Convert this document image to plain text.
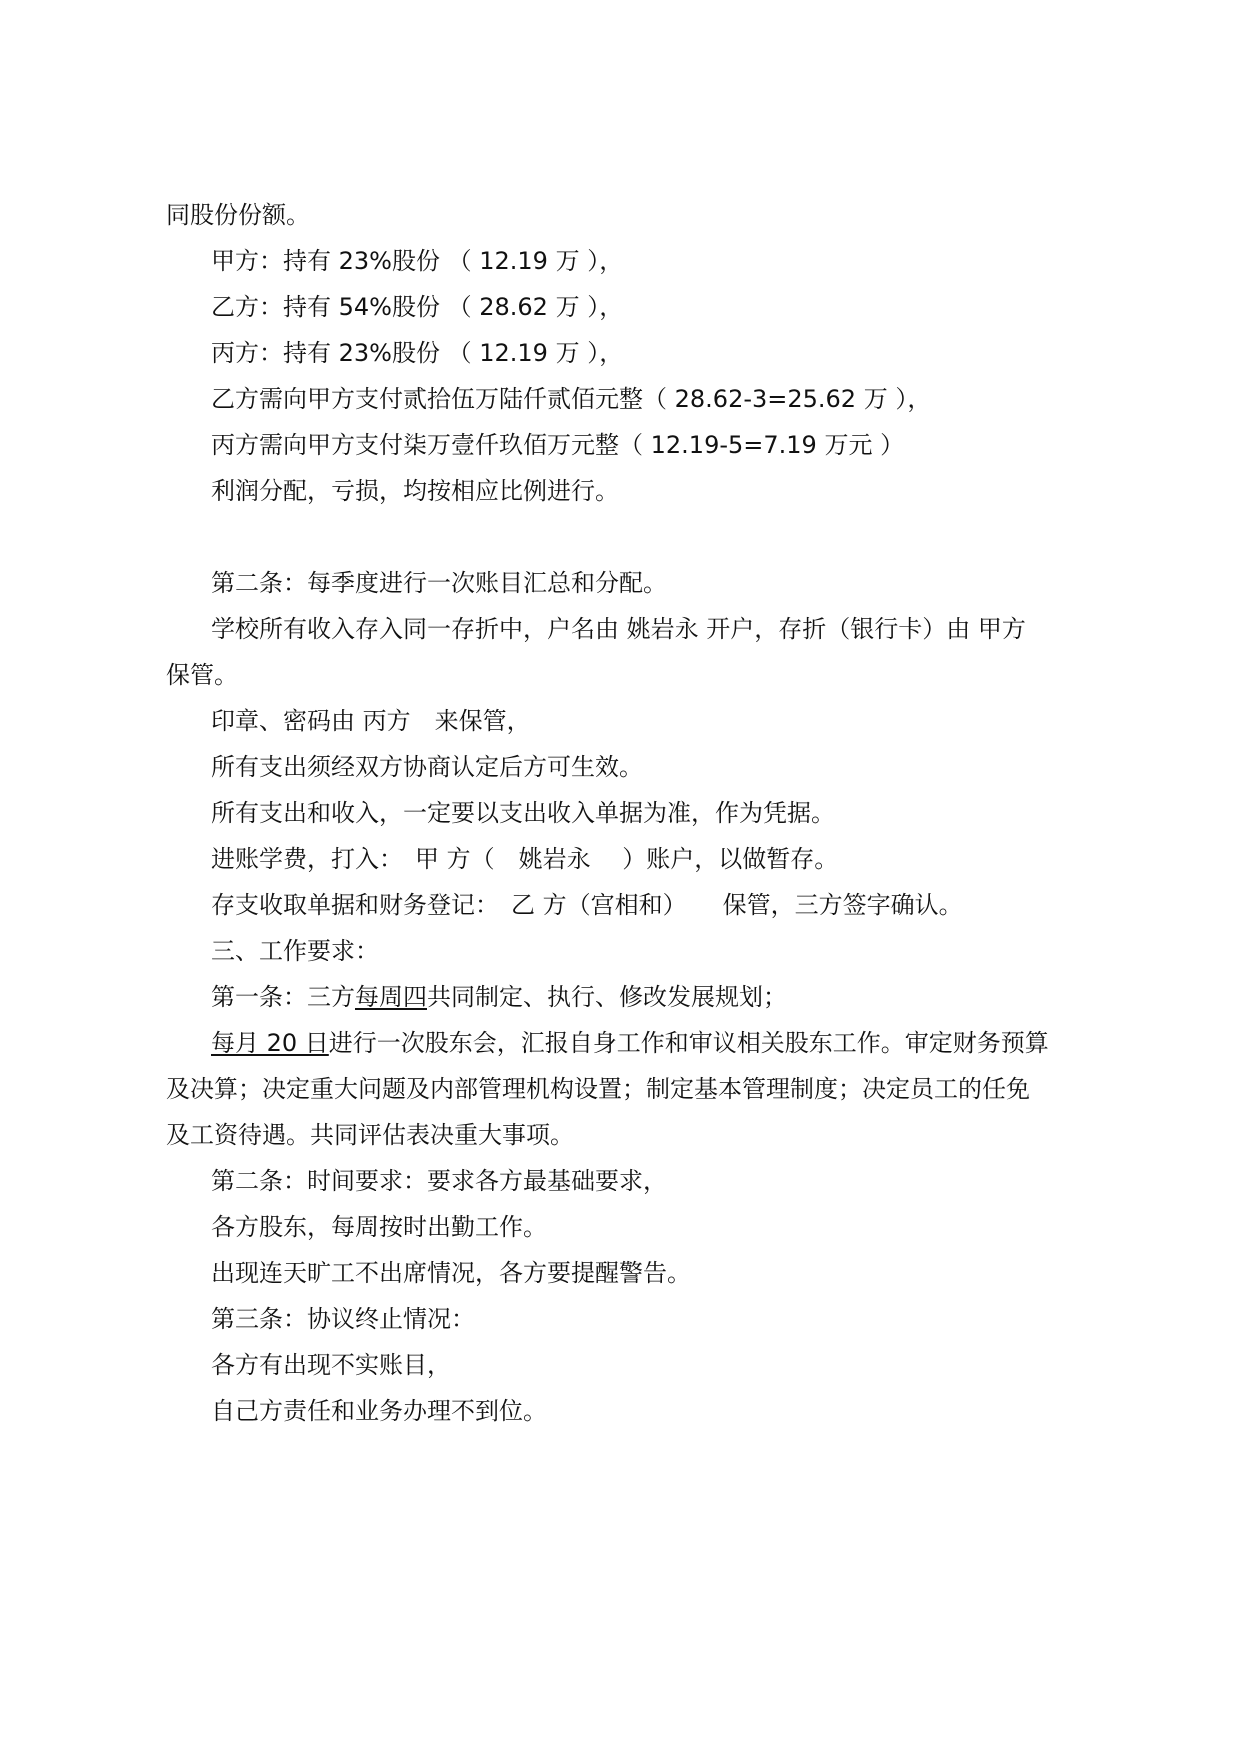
同股份份额。
甲方：持有 23%股份 （ 12.19 万 ），
乙方：持有 54%股份 （ 28.62 万 ），
丙方：持有 23%股份 （ 12.19 万 ），
乙方需向甲方支付贰拾伍万陆仟贰佰元整（ 28.62-3=25.62 万 ），
丙方需向甲方支付柒万壹仟玖佰万元整（ 12.19-5=7.19 万元 ）
利润分配，亏损，均按相应比例进行。
第二条：每季度进行一次账目汇总和分配。
学校所有收入存入同一存折中，户名由 姚岩永 开户，存折（银行卡）由 甲方
保管。
印章、密码由 丙方　来保管，
所有支出须经双方协商认定后方可生效。
所有支出和收入，一定要以支出收入单据为准，作为凭据。
进账学费，打入：　甲 方（　姚岩永　 ）账户，以做暂存。
存支收取单据和财务登记：　乙 方（宫相和）　　保管，三方签字确认。
三、工作要求：
第一条：三方每周四共同制定、执行、修改发展规划；
每月 20 日进行一次股东会，汇报自身工作和审议相关股东工作。审定财务预算
及决算；决定重大问题及内部管理机构设置；制定基本管理制度；决定员工的任免
及工资待遇。共同评估表决重大事项。
第二条：时间要求：要求各方最基础要求，
各方股东，每周按时出勤工作。
出现连天旷工不出席情况，各方要提醒警告。
第三条：协议终止情况：
各方有出现不实账目，
自己方责任和业务办理不到位。
